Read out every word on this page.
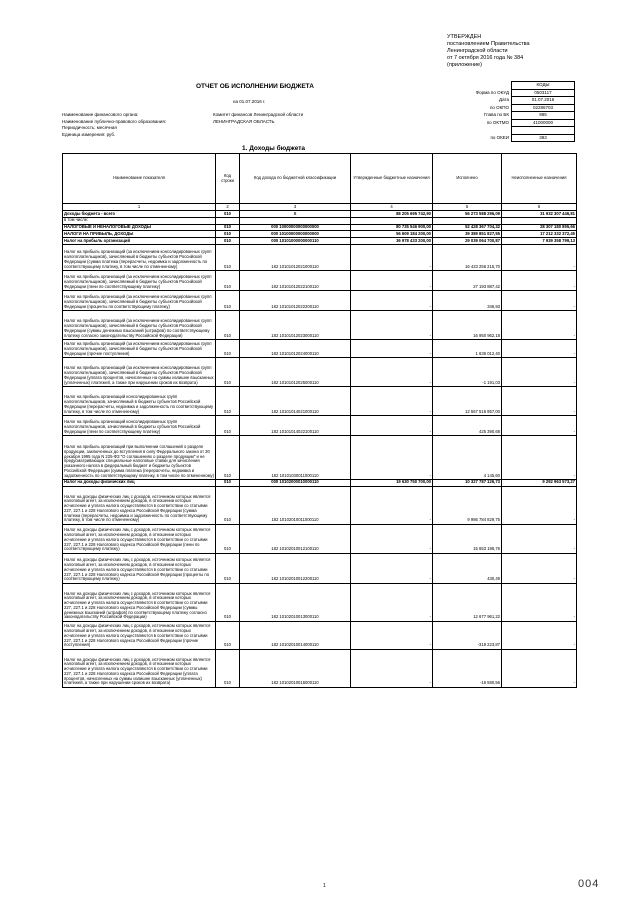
УТВЕРЖДЕН
постановлением Правительства
Ленинградской области
от 7 октября 2016 года № 384
(приложение)
ОТЧЕТ ОБ ИСПОЛНЕНИИ БЮДЖЕТА
на 01.07.2016 г.
	КОДЫ
Форма по ОКУД	0503117
Дата	01.07.2016
по ОКПО	02286703
Глава по БК	985
по ОКТМО	41000000

по ОКЕИ	383
Наименование финансового органа:
Наименование публично-правового образования:
Периодичность: месячная
Единица измерения: руб.
Комитет финансов Ленинградской области
ЛЕНИНГРАДСКАЯ ОБЛАСТЬ
1. Доходы бюджета
Наименование показателя	Код строки	Код дохода по бюджетной классификации	Утвержденные бюджетные назначения	Исполнено	Неисполненные назначения
1	2	3	4	5	6
Доходы бюджета - всего	010	X	88 205 695 742,90	56 273 588 296,09	31 932 307 446,81
в том числе:					
НАЛОГОВЫЕ И НЕНАЛОГОВЫЕ ДОХОДЫ	010	000 10000000000000000	80 735 546 900,00	52 428 367 704,32	28 307 180 895,66
НАЛОГИ НА ПРИБЫЛЬ, ДОХОДЫ	010	000 10100000000000000	56 609 184 200,00	39 389 851 827,55	17 212 332 372,45
Налог на прибыль организаций	010	000 10101000000000110	36 978 433 200,00	29 039 064 700,87	7 939 358 799,13
Налог на прибыль организаций (за исключением консолидированных групп налогоплательщиков), зачисляемый в бюджеты субъектов Российской Федерации (сумма платежа (перерасчеты, недоимка и задолженность по соответствующему платежу, в том числе по отмененному)	010	182 10101012021000110	-	16 423 256 215,70	-
Налог на прибыль организаций (за исключением консолидированных групп налогоплательщиков), зачисляемый в бюджеты субъектов Российской Федерации (пени по соответствующему платежу)	010	182 10101012022100110	-	27 193 887,42	-
Налог на прибыль организаций (за исключением консолидированных групп налогоплательщиков), зачисляемый в бюджеты субъектов Российской Федерации (проценты по соответствующему платежу)	010	182 10101012022200110	-	346,93	-
Налог на прибыль организаций (за исключением консолидированных групп налогоплательщиков), зачисляемый в бюджеты субъектов Российской Федерации (суммы денежных взысканий (штрафов) по соответствующему платежу согласно законодательству Российской Федерации)	010	182 10101012023000110	-	16 950 962,18	-
Налог на прибыль организаций (за исключением консолидированных групп налогоплательщиков), зачисляемый в бюджеты субъектов Российской Федерации (прочие поступления)	010	182 10101012024000110	-	1 636 012,40	-
Налог на прибыль организаций (за исключением консолидированных групп налогоплательщиков), зачисляемый в бюджеты субъектов Российской Федерации (уплата процентов, начисленных на суммы излишне взысканных (уплаченных) платежей, а также при нарушении сроков их возврата)	010	182 10101012025000110	-	-1 191,03	-
Налог на прибыль организаций консолидированных групп налогоплательщиков, зачисляемый в бюджеты субъектов Российской Федерации (перерасчеты, недоимка и задолженность по соответствующему платежу, в том числе по отмененному)	010	182 10101014021000110	-	12 567 516 957,00	-
Налог на прибыль организаций консолидированных групп налогоплательщиков, зачисляемый в бюджеты субъектов Российской Федерации (пени по соответствующему платежу)	010	182 10101014022100110	-	425 390,68	-
Налог на прибыль организаций при выполнении соглашений о разделе продукции, заключенных до вступления в силу Федерального закона от 30 декабря 1995 года N 225-ФЗ "О соглашениях о разделе продукции" и не предусматривающих специальные налоговые ставки для зачисления указанного налога в федеральный бюджет и бюджеты субъектов Российской Федерации (сумма платежа (перерасчеты, недоимка и задолженность по соответствующему платежу, в том числе по отмененному)	010	182 10101030011000110	-	4 145,60	-
Налог на доходы физических лиц	010	000 10102000010000110	19 630 750 700,00	10 327 787 126,73	9 292 963 573,27
Налог на доходы физических лиц с доходов, источником которых является налоговый агент, за исключением доходов, в отношении которых исчисление и уплата налога осуществляются в соответствии со статьями 227, 227.1 и 228 Налогового кодекса Российской Федерации (сумма платежа (перерасчеты, недоимка и задолженность по соответствующему платежу, в том числе по отмененному)	010	182 10102010011000110	-	9 986 784 829,75	-
Налог на доходы физических лиц с доходов, источником которых является налоговый агент, за исключением доходов, в отношении которых исчисление и уплата налога осуществляются в соответствии со статьями 227, 227.1 и 228 Налогового кодекса Российской Федерации (пени по соответствующему платежу)	010	182 10102010012100110	-	15 653 196,76	-
Налог на доходы физических лиц с доходов, источником которых является налоговый агент, за исключением доходов, в отношении которых исчисление и уплата налога осуществляются в соответствии со статьями 227, 227.1 и 228 Налогового кодекса Российской Федерации (проценты по соответствующему платежу)	010	182 10102010012200110	-	430,49	-
Налог на доходы физических лиц с доходов, источником которых является налоговый агент, за исключением доходов, в отношении которых исчисление и уплата налога осуществляются в соответствии со статьями 227, 227.1 и 228 Налогового кодекса Российской Федерации (суммы денежных взысканий (штрафов) по соответствующему платежу согласно законодательству Российской Федерации)	010	182 10102010013000110	-	12 677 961,22	-
Налог на доходы физических лиц с доходов, источником которых является налоговый агент, за исключением доходов, в отношении которых исчисление и уплата налога осуществляются в соответствии со статьями 227, 227.1 и 228 Налогового кодекса Российской Федерации (прочие поступления)	010	182 10102010014000110	-	-319 223,87	-
Налог на доходы физических лиц с доходов, источником которых является налоговый агент, за исключением доходов, в отношении которых исчисление и уплата налога осуществляются в соответствии со статьями 227, 227.1 и 228 Налогового кодекса Российской Федерации (уплата процентов, начисленных на суммы излишне взысканных (уплаченных) платежей, а также при нарушении сроков их возврата)	010	182 10102010015000110	-	-16 580,56	-
1	004
